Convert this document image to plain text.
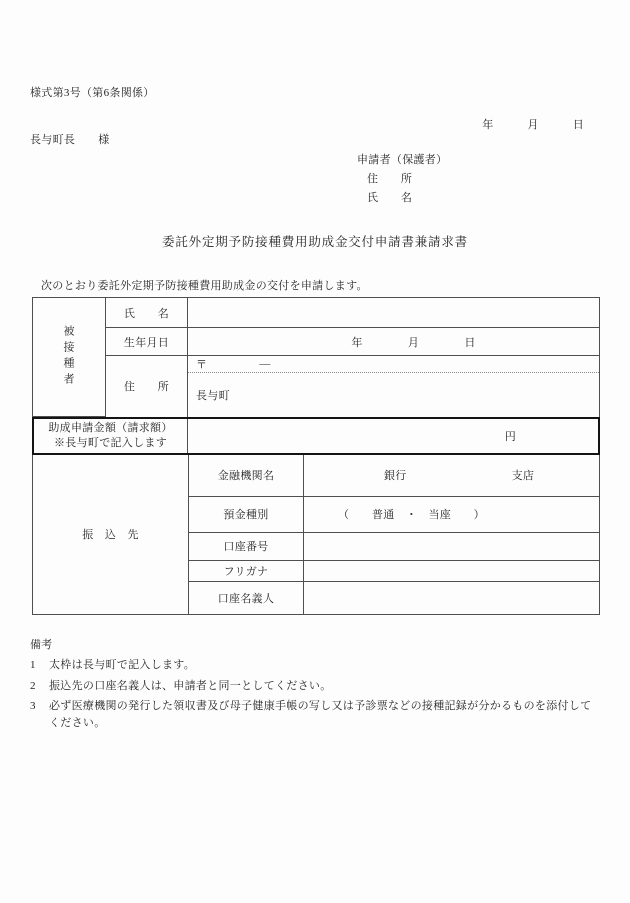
様式第3号（第6条関係）
年　　　月　　　日
長与町長 様
申請者（保護者）
住　　所
氏　　名
委託外定期予防接種費用助成金交付申請書兼請求書
次のとおり委託外定期予防接種費用助成金の交付を申請します。
被接種者	氏　　名	
	生年月日	年　　　　月　　　　日
	住　　所	〒 ―
長与町
助成申請金額（請求額）
※長与町で記入します	円
振　込　先	金融機関名	銀行 支店

	預金種別	（　　普通　・　当座　　）
	口座番号	
	フリガナ	
	口座名義人	
備考
1	太枠は長与町で記入します。
2	振込先の口座名義人は、申請者と同一としてください。
3	必ず医療機関の発行した領収書及び母子健康手帳の写し又は予診票などの接種記録が分かるものを添付してください。
